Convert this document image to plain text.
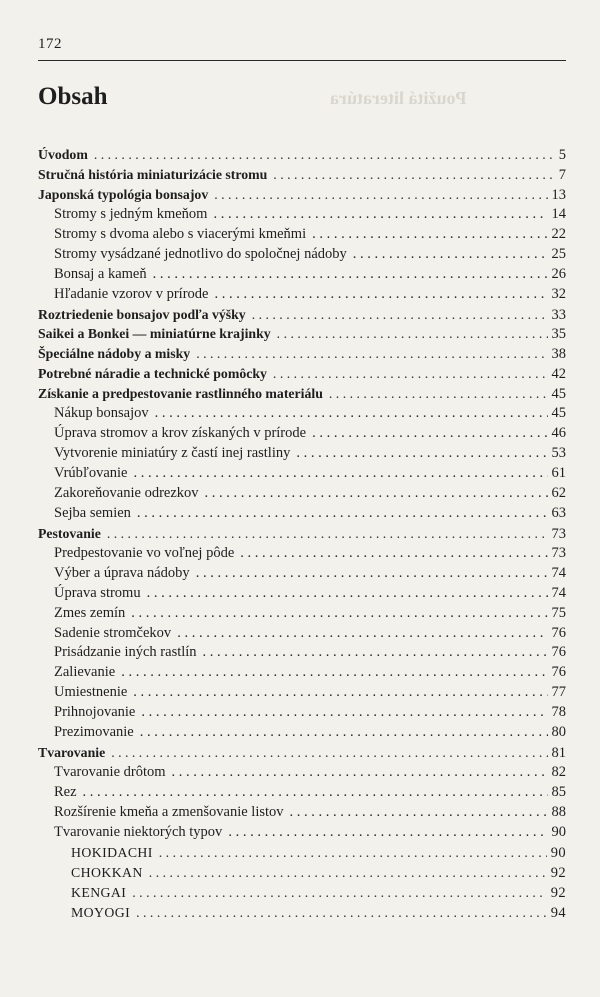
Použitá literatúra
172
Obsah
Úvodom . . .	5
Stručná história miniaturizácie stromu . . .	7
Japonská typológia bonsajov . . .	13
Stromy s jedným kmeňom . . .	14
Stromy s dvoma alebo s viacerými kmeňmi . . .	22
Stromy vysádzané jednotlivo do spoločnej nádoby . . .	25
Bonsaj a kameň . . .	26
Hľadanie vzorov v prírode . . .	32
Roztriedenie bonsajov podľa výšky . . .	33
Saikei a Bonkei — miniatúrne krajinky . . .	35
Špeciálne nádoby a misky . . .	38
Potrebné náradie a technické pomôcky . . .	42
Získanie a predpestovanie rastlinného materiálu . . .	45
Nákup bonsajov . . .	45
Úprava stromov a krov získaných v prírode . . .	46
Vytvorenie miniatúry z častí inej rastliny . . .	53
Vrúbľovanie . . .	61
Zakoreňovanie odrezkov . . .	62
Sejba semien . . .	63
Pestovanie . . .	73
Predpestovanie vo voľnej pôde . . .	73
Výber a úprava nádoby . . .	74
Úprava stromu . . .	74
Zmes zemín . . .	75
Sadenie stromčekov . . .	76
Prisádzanie iných rastlín . . .	76
Zalievanie . . .	76
Umiestnenie . . .	77
Prihnojovanie . . .	78
Prezimovanie . . .	80
Tvarovanie . . .	81
Tvarovanie drôtom . . .	82
Rez . . .	85
Rozšírenie kmeňa a zmenšovanie listov . . .	88
Tvarovanie niektorých typov . . .	90
HOKIDACHI . . .	90
CHOKKAN . . .	92
KENGAI . . .	92
MOYOGI . . .	94
